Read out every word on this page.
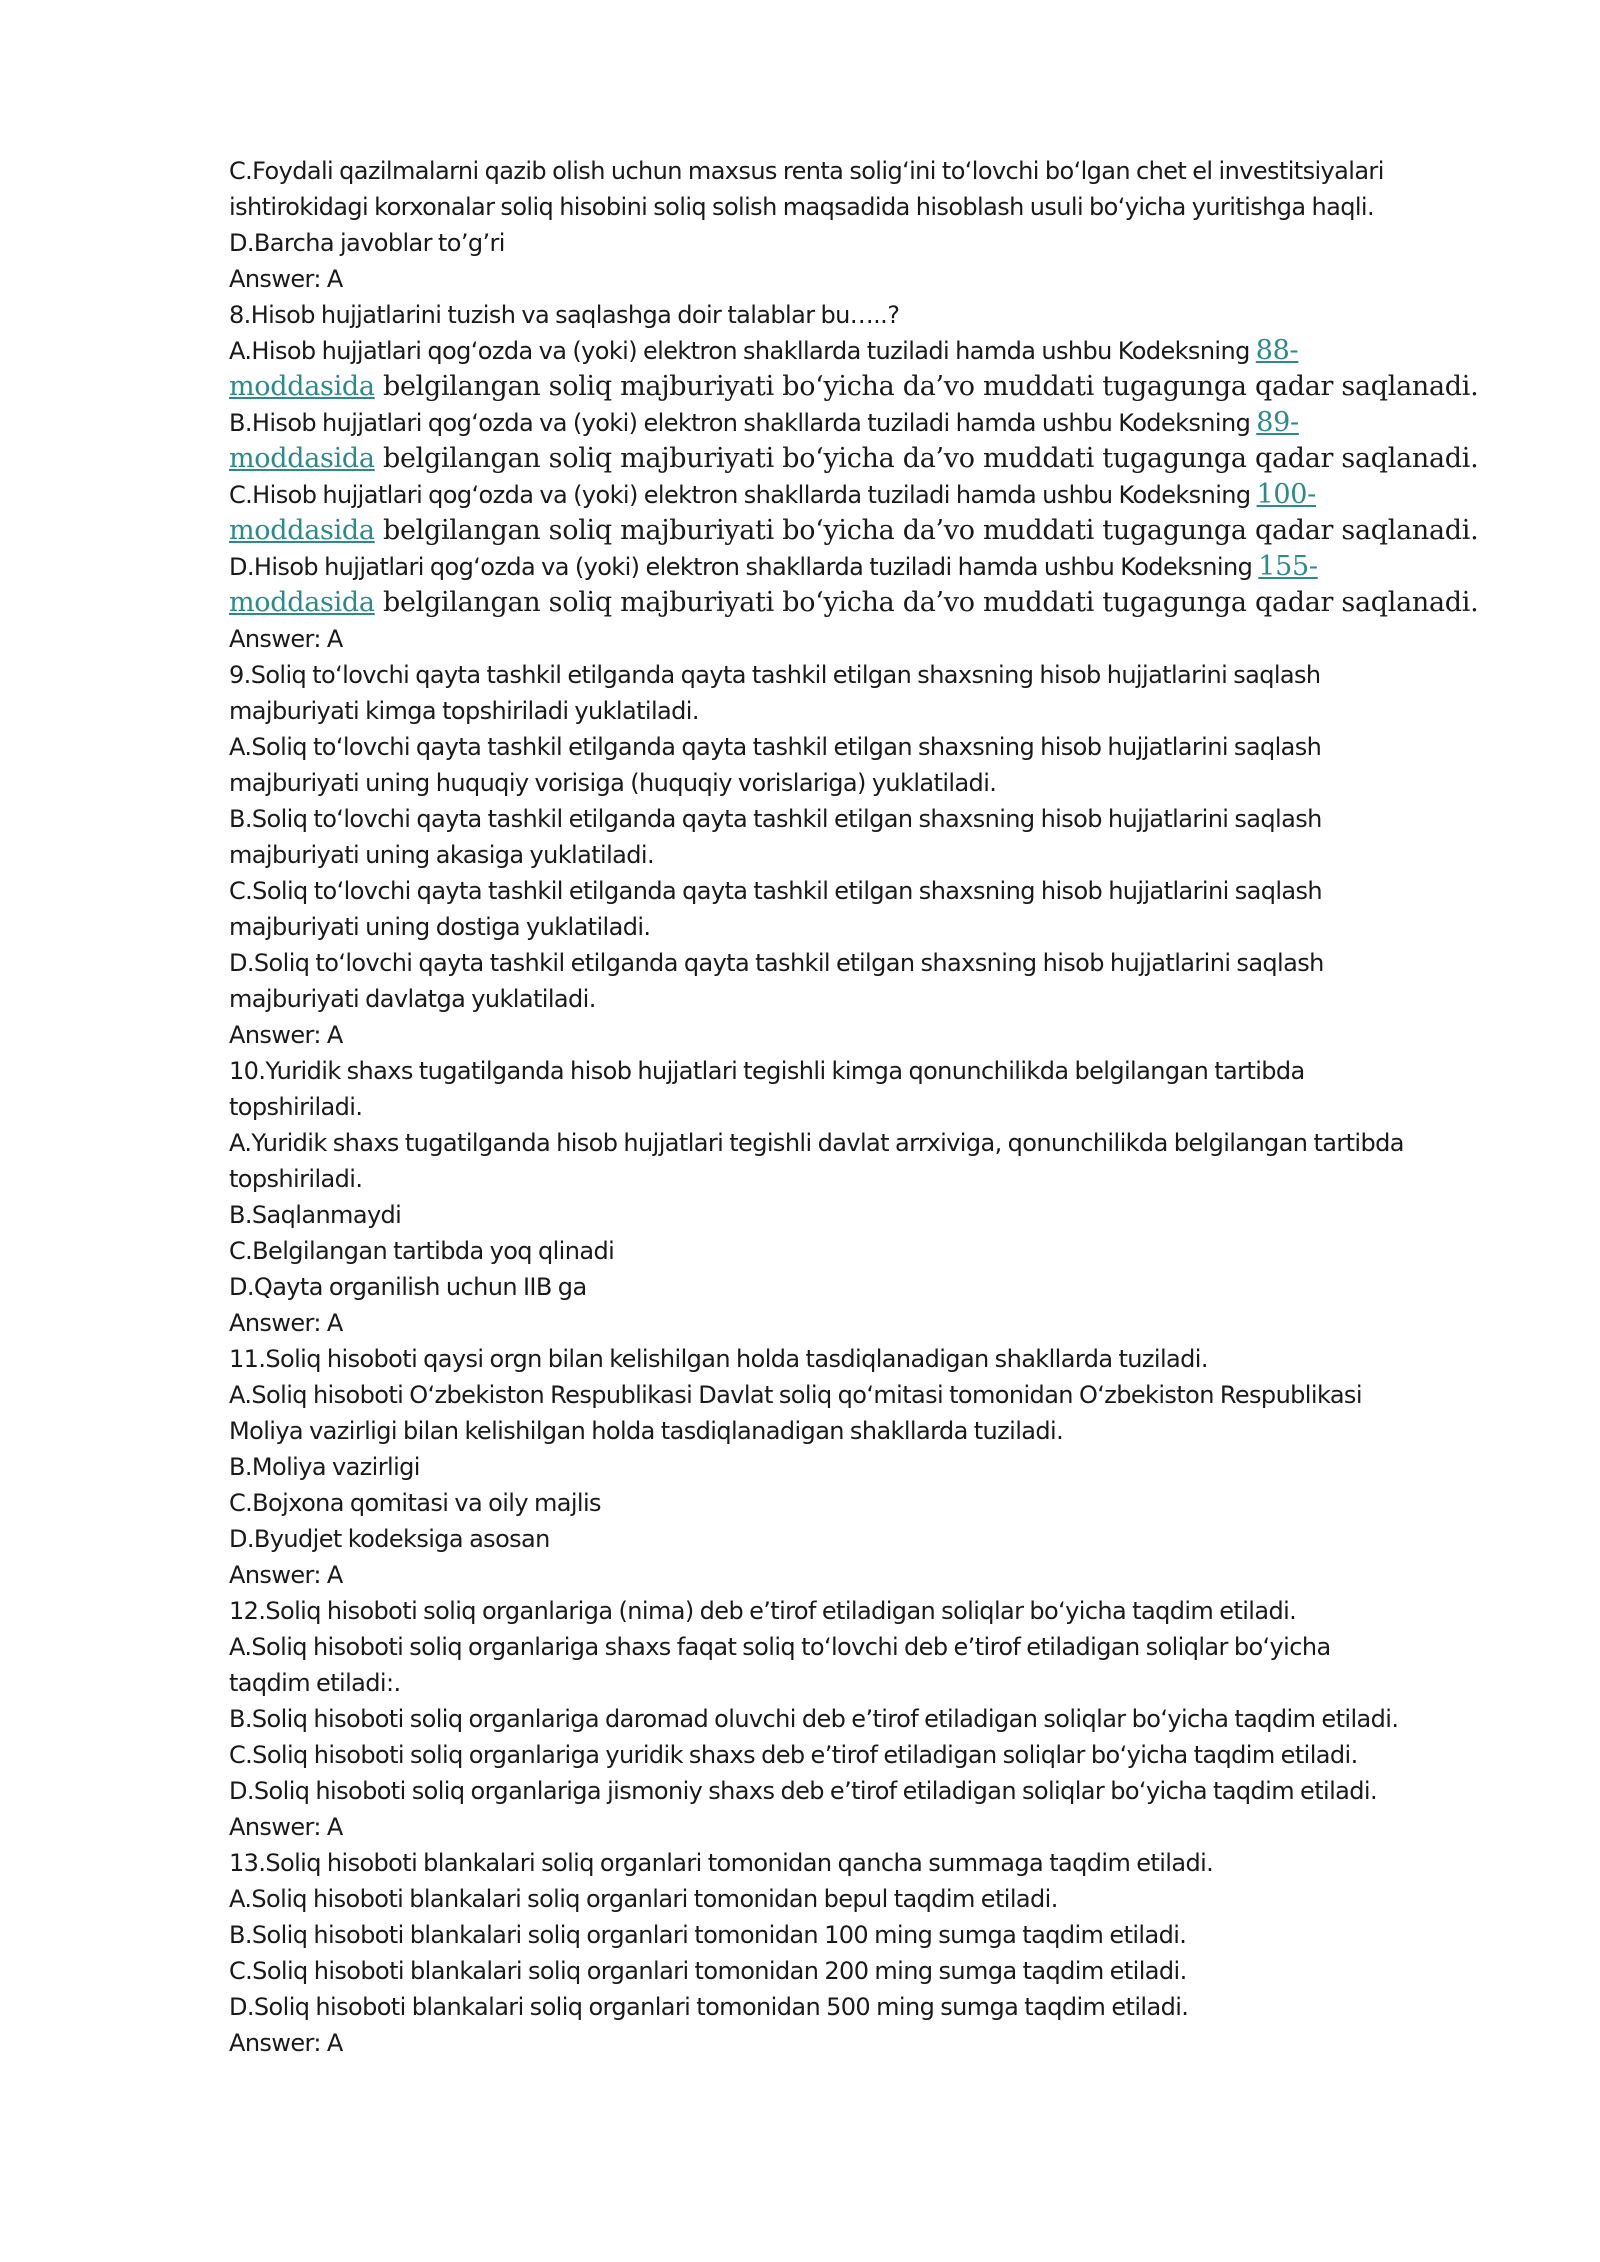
C.Foydali qazilmalarni qazib olish uchun maxsus renta solig‘ini to‘lovchi bo‘lgan chet el investitsiyalari
ishtirokidagi korxonalar soliq hisobini soliq solish maqsadida hisoblash usuli bo‘yicha yuritishga haqli.
D.Barcha javoblar to’g’ri
Answer: A
8.Hisob hujjatlarini tuzish va saqlashga doir talablar bu…..?
A.Hisob hujjatlari qog‘ozda va (yoki) elektron shakllarda tuziladi hamda ushbu Kodeksning 88-
moddasida belgilangan soliq majburiyati bo‘yicha da’vo muddati tugagunga qadar saqlanadi.
B.Hisob hujjatlari qog‘ozda va (yoki) elektron shakllarda tuziladi hamda ushbu Kodeksning 89-
moddasida belgilangan soliq majburiyati bo‘yicha da’vo muddati tugagunga qadar saqlanadi.
C.Hisob hujjatlari qog‘ozda va (yoki) elektron shakllarda tuziladi hamda ushbu Kodeksning 100-
moddasida belgilangan soliq majburiyati bo‘yicha da’vo muddati tugagunga qadar saqlanadi.
D.Hisob hujjatlari qog‘ozda va (yoki) elektron shakllarda tuziladi hamda ushbu Kodeksning 155-
moddasida belgilangan soliq majburiyati bo‘yicha da’vo muddati tugagunga qadar saqlanadi.
Answer: A
9.Soliq to‘lovchi qayta tashkil etilganda qayta tashkil etilgan shaxsning hisob hujjatlarini saqlash
majburiyati kimga topshiriladi yuklatiladi.
A.Soliq to‘lovchi qayta tashkil etilganda qayta tashkil etilgan shaxsning hisob hujjatlarini saqlash
majburiyati uning huquqiy vorisiga (huquqiy vorislariga) yuklatiladi.
B.Soliq to‘lovchi qayta tashkil etilganda qayta tashkil etilgan shaxsning hisob hujjatlarini saqlash
majburiyati uning akasiga yuklatiladi.
C.Soliq to‘lovchi qayta tashkil etilganda qayta tashkil etilgan shaxsning hisob hujjatlarini saqlash
majburiyati uning dostiga yuklatiladi.
D.Soliq to‘lovchi qayta tashkil etilganda qayta tashkil etilgan shaxsning hisob hujjatlarini saqlash
majburiyati davlatga yuklatiladi.
Answer: A
10.Yuridik shaxs tugatilganda hisob hujjatlari tegishli kimga qonunchilikda belgilangan tartibda
topshiriladi.
A.Yuridik shaxs tugatilganda hisob hujjatlari tegishli davlat arrxiviga, qonunchilikda belgilangan tartibda
topshiriladi.
B.Saqlanmaydi
C.Belgilangan tartibda yoq qlinadi
D.Qayta organilish uchun IIB ga
Answer: A
11.Soliq hisoboti qaysi orgn bilan kelishilgan holda tasdiqlanadigan shakllarda tuziladi.
A.Soliq hisoboti O‘zbekiston Respublikasi Davlat soliq qo‘mitasi tomonidan O‘zbekiston Respublikasi
Moliya vazirligi bilan kelishilgan holda tasdiqlanadigan shakllarda tuziladi.
B.Moliya vazirligi
C.Bojxona qomitasi va oily majlis
D.Byudjet kodeksiga asosan
Answer: A
12.Soliq hisoboti soliq organlariga (nima) deb e’tirof etiladigan soliqlar bo‘yicha taqdim etiladi.
A.Soliq hisoboti soliq organlariga shaxs faqat soliq to‘lovchi deb e’tirof etiladigan soliqlar bo‘yicha
taqdim etiladi:.
B.Soliq hisoboti soliq organlariga daromad oluvchi deb e’tirof etiladigan soliqlar bo‘yicha taqdim etiladi.
C.Soliq hisoboti soliq organlariga yuridik shaxs deb e’tirof etiladigan soliqlar bo‘yicha taqdim etiladi.
D.Soliq hisoboti soliq organlariga jismoniy shaxs deb e’tirof etiladigan soliqlar bo‘yicha taqdim etiladi.
Answer: A
13.Soliq hisoboti blankalari soliq organlari tomonidan qancha summaga taqdim etiladi.
A.Soliq hisoboti blankalari soliq organlari tomonidan bepul taqdim etiladi.
B.Soliq hisoboti blankalari soliq organlari tomonidan 100 ming sumga taqdim etiladi.
C.Soliq hisoboti blankalari soliq organlari tomonidan 200 ming sumga taqdim etiladi.
D.Soliq hisoboti blankalari soliq organlari tomonidan 500 ming sumga taqdim etiladi.
Answer: A
